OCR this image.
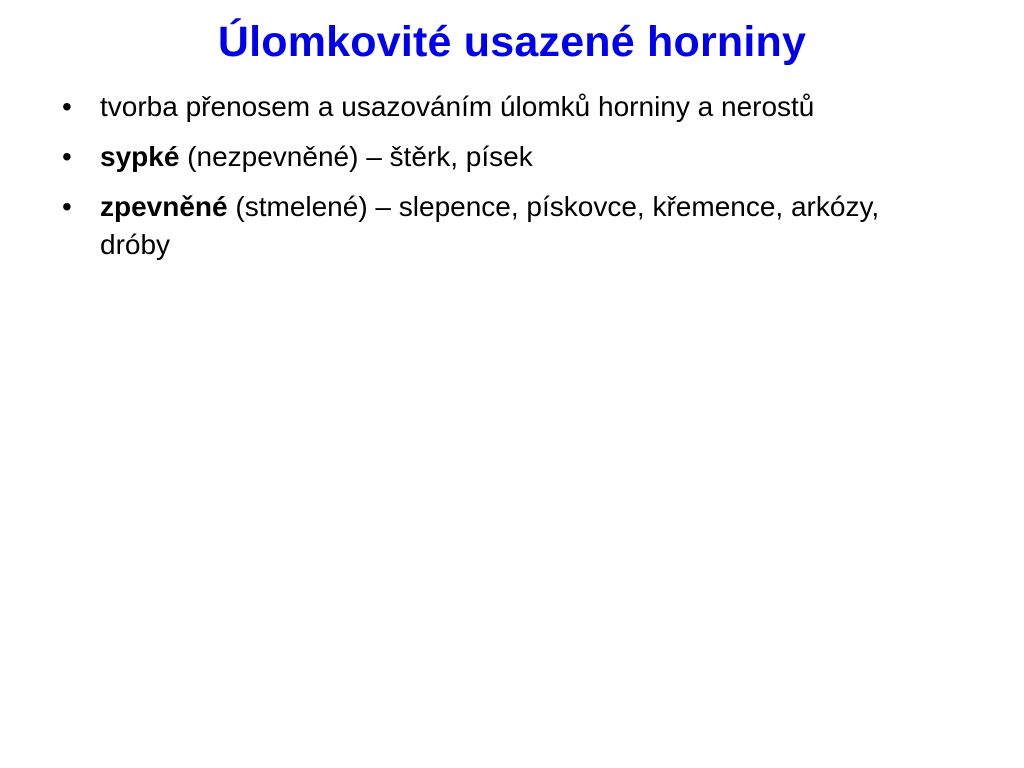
Úlomkovité usazené horniny
• tvorba přenosem a usazováním úlomků horniny a nerostů
• sypké (nezpevněné) – štěrk, písek
• zpevněné (stmelené) – slepence, pískovce, křemence, arkózy, dróby
